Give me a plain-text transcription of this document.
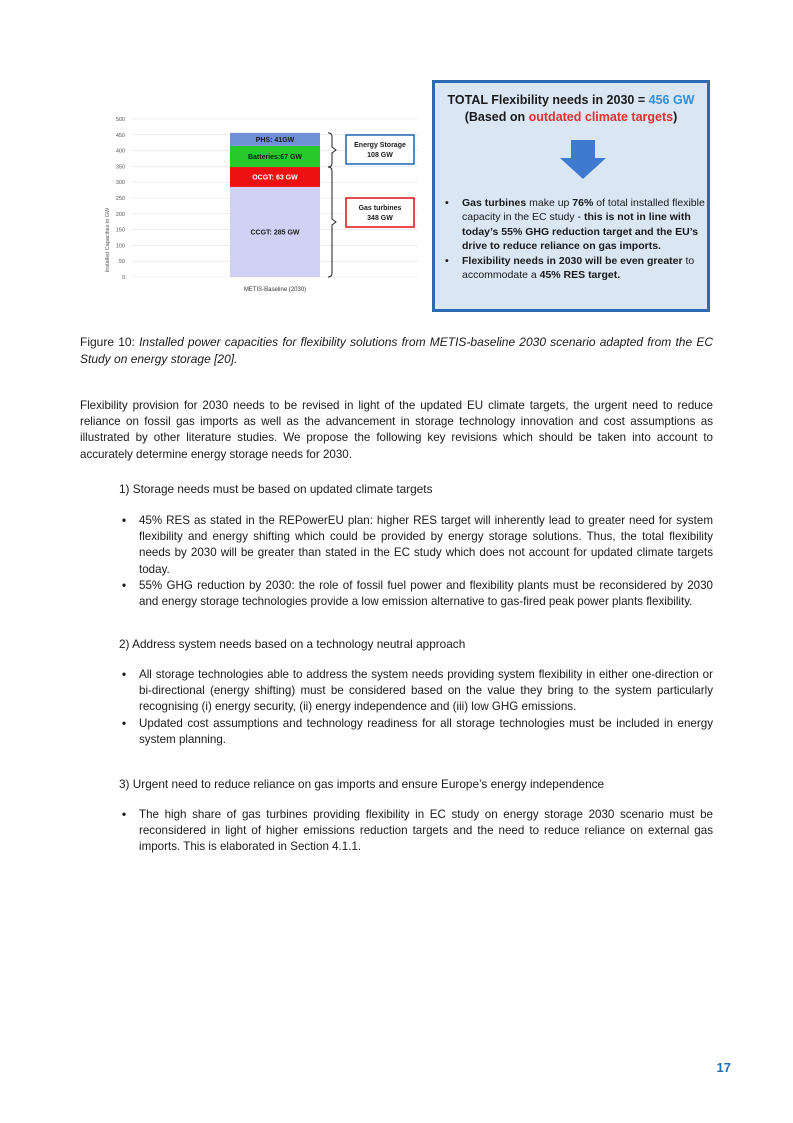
0
50
100
150
200
250
300
350
400
450
500
Installed Capacities in GW	CCGT: 285 GW
OCGT: 63 GW
Batteries:67 GW
PHS: 41GW
METIS-Baseline (2030)
Energy Storage
108 GW
Gas turbines
348 GW
TOTAL Flexibility needs in 2030 = 456 GW
(Based on outdated climate targets)
• Gas turbines make up 76% of total installed flexible capacity in the EC study - this is not in line with today’s 55% GHG reduction target and the EU’s drive to reduce reliance on gas imports.
• Flexibility needs in 2030 will be even greater to accommodate a 45% RES target.
Figure 10: Installed power capacities for flexibility solutions from METIS-baseline 2030 scenario adapted from the EC Study on energy storage [20].
Flexibility provision for 2030 needs to be revised in light of the updated EU climate targets, the urgent need to reduce reliance on fossil gas imports as well as the advancement in storage technology innovation and cost assumptions as illustrated by other literature studies. We propose the following key revisions which should be taken into account to accurately determine energy storage needs for 2030.
1) Storage needs must be based on updated climate targets
• 45% RES as stated in the REPowerEU plan: higher RES target will inherently lead to greater need for system flexibility and energy shifting which could be provided by energy storage solutions. Thus, the total flexibility needs by 2030 will be greater than stated in the EC study which does not account for updated climate targets today.
• 55% GHG reduction by 2030: the role of fossil fuel power and flexibility plants must be reconsidered by 2030 and energy storage technologies provide a low emission alternative to gas-fired peak power plants flexibility.
2) Address system needs based on a technology neutral approach
• All storage technologies able to address the system needs providing system flexibility in either one-direction or bi-directional (energy shifting) must be considered based on the value they bring to the system particularly recognising (i) energy security, (ii) energy independence and (iii) low GHG emissions.
• Updated cost assumptions and technology readiness for all storage technologies must be included in energy system planning.
3) Urgent need to reduce reliance on gas imports and ensure Europe’s energy independence
• The high share of gas turbines providing flexibility in EC study on energy storage 2030 scenario must be reconsidered in light of higher emissions reduction targets and the need to reduce reliance on external gas imports. This is elaborated in Section 4.1.1.
17
